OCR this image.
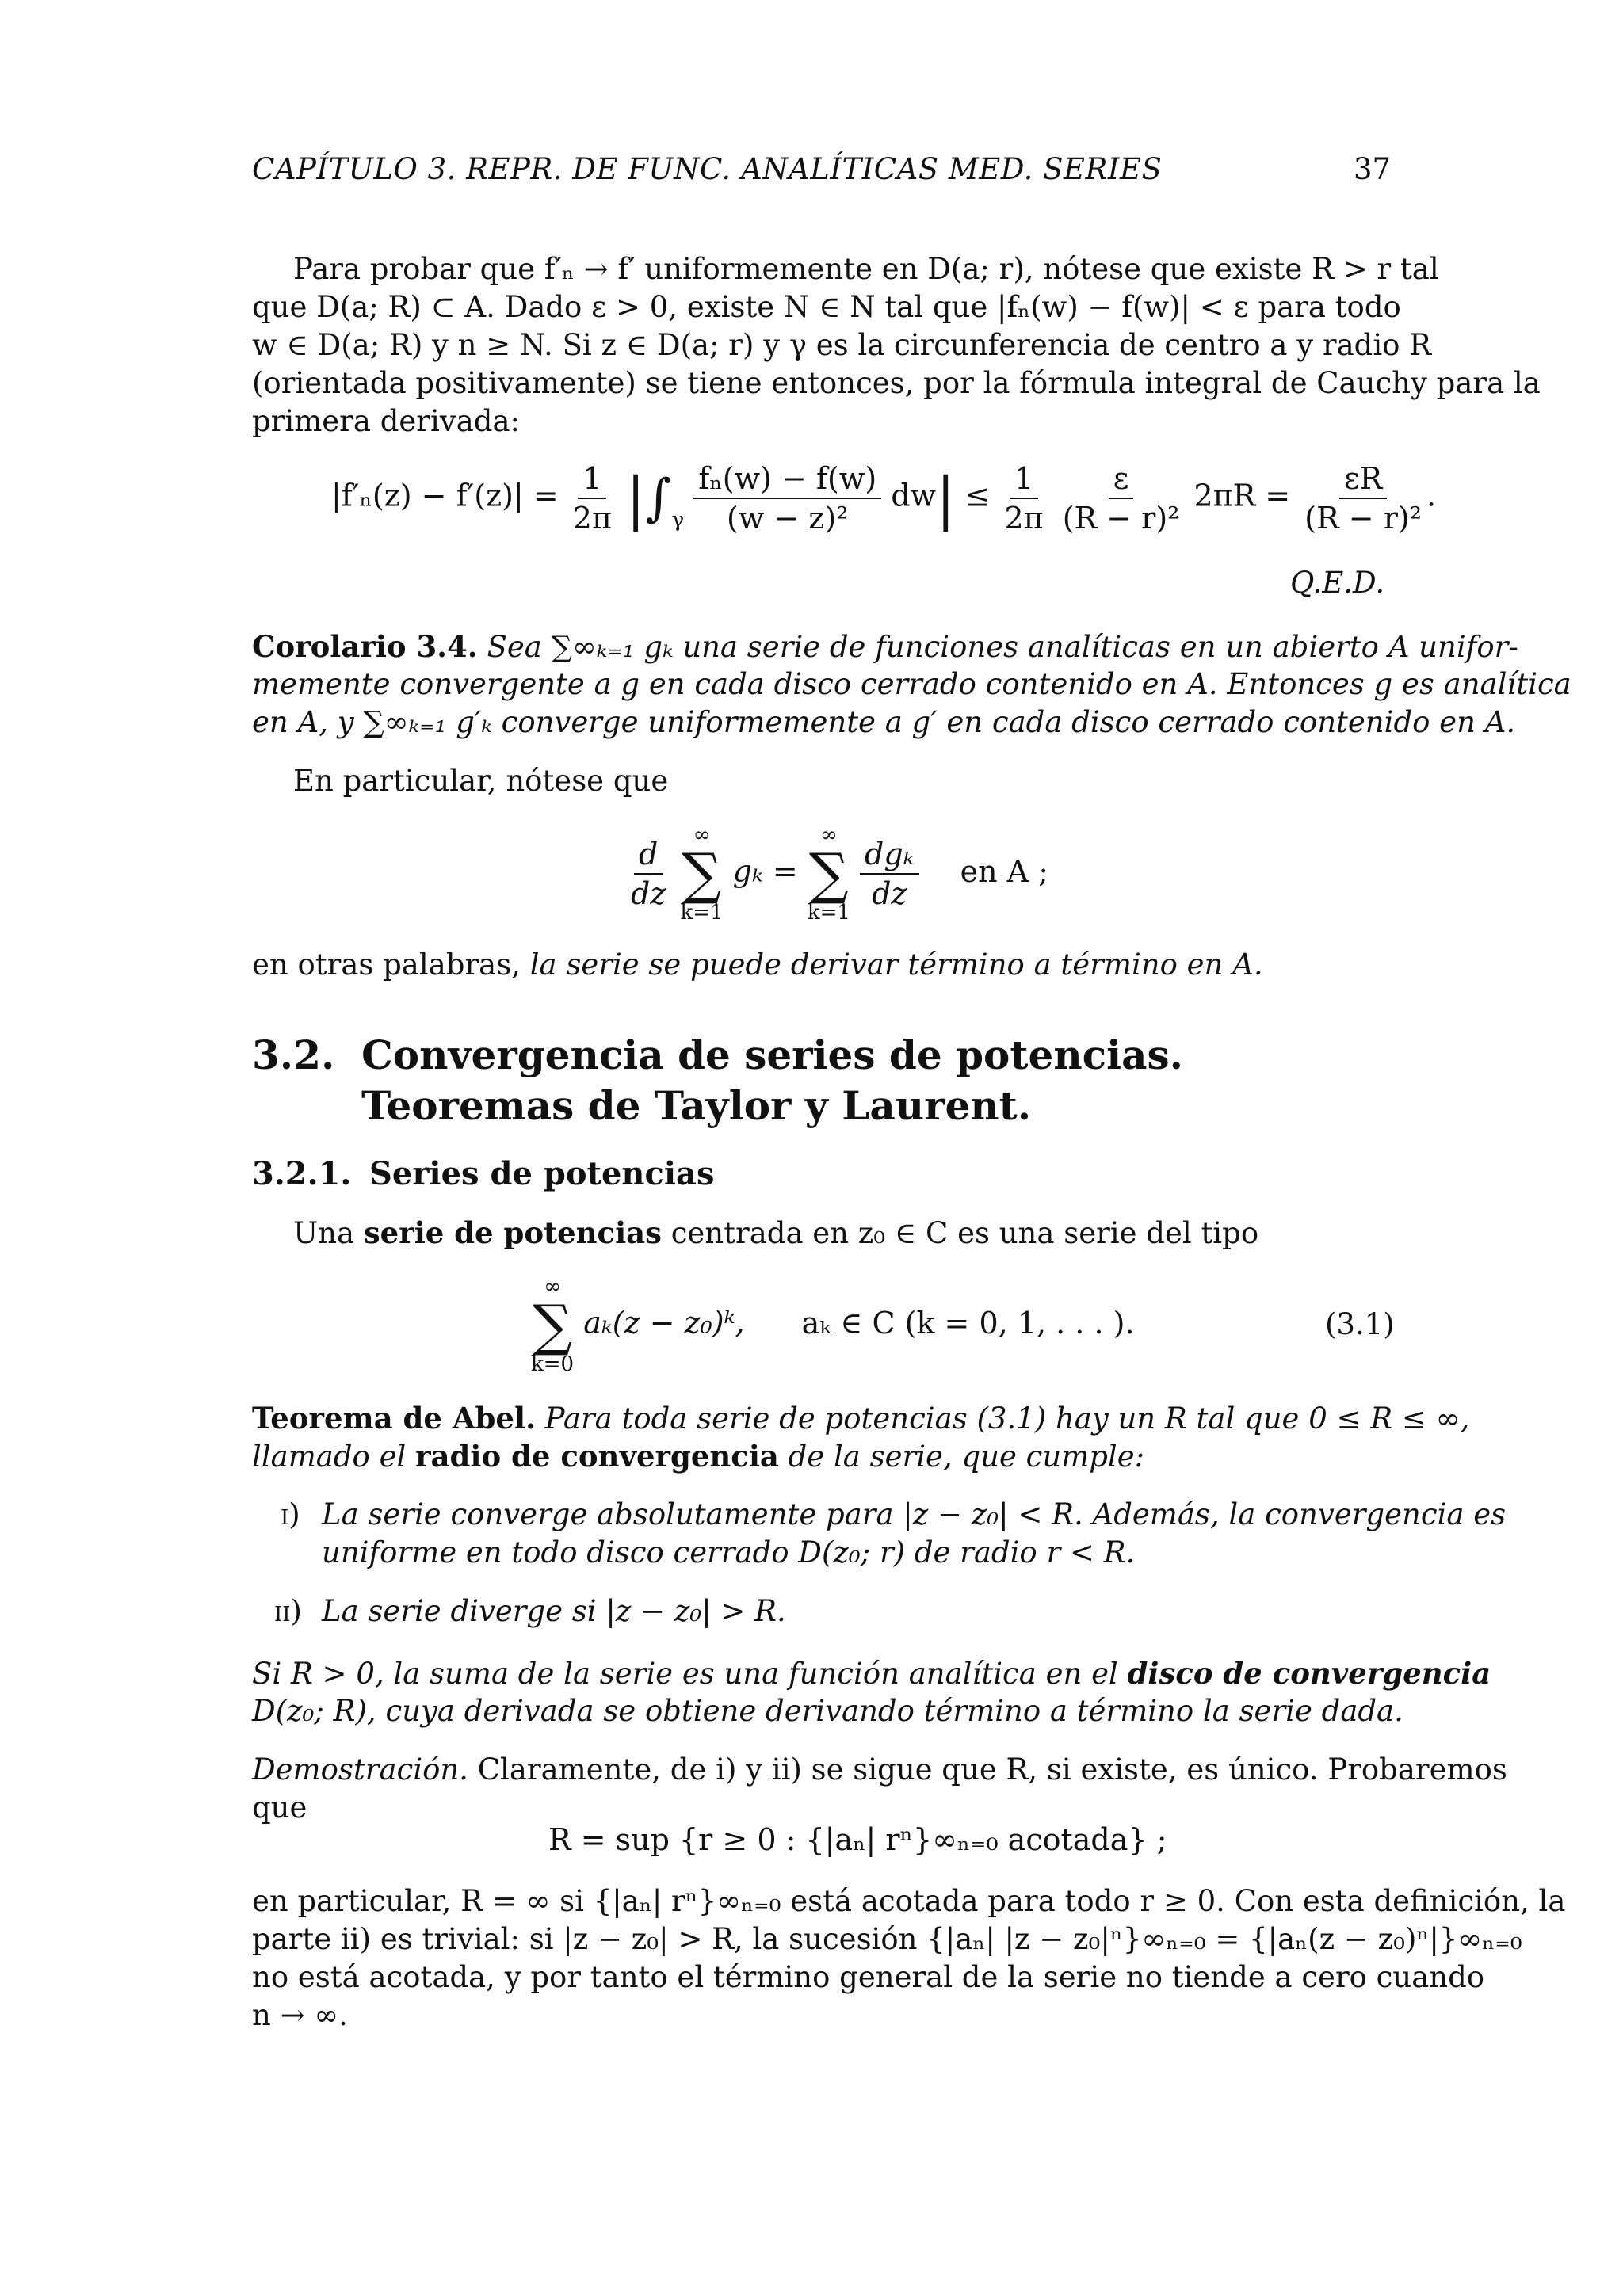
CAPÍTULO 3. REPR. DE FUNC. ANALÍTICAS MED. SERIES	37
Para probar que f′ₙ → f′ uniformemente en D(a; r), nótese que existe R > r tal
que D(a; R) ⊂ A. Dado ε > 0, existe N ∈ N tal que |fₙ(w) − f(w)| < ε para todo
w ∈ D(a; R) y n ≥ N. Si z ∈ D(a; r) y γ es la circunferencia de centro a y radio R
(orientada positivamente) se tiene entonces, por la fórmula integral de Cauchy para la
primera derivada:
$|f'_n(z) - f'(z)| = \frac{1}{2\pi} |\int_\gamma \frac{\text{fₙ(w) − f(w)}}{\text{(w − z)²}} dw| \le \frac{1}{2\pi}$
$\frac{\varepsilon}{\text{(R − r)²}} 2\pi R = \frac{\varepsilon R}{\text{(R − r)²}}$ .
Q.E.D.
Corolario 3.4. Sea ∑∞ₖ₌₁ gₖ una serie de funciones analíticas en un abierto A unifor-
memente convergente a g en cada disco cerrado contenido en A. Entonces g es analítica
en A, y ∑∞ₖ₌₁ g′ₖ converge uniformemente a g′ en cada disco cerrado contenido en A.
En particular, nótese que
$\frac{d}{dz}$

∞
∑
k=1
gₖ =
∞
∑
k=1

$\frac{\text{dgₖ}}{dz}$ en A ;
en otras palabras, la serie se puede derivar término a término en A.
3.2. Convergencia de series de potencias.
Teoremas de Taylor y Laurent.
3.2.1. Series de potencias
Una serie de potencias centrada en z₀ ∈ C es una serie del tipo
∞
∑
k=0
aₖ(z − z₀)ᵏ, aₖ ∈ C (k = 0, 1, . . . ).	(3.1)
Teorema de Abel. Para toda serie de potencias (3.1) hay un R tal que 0 ≤ R ≤ ∞,
llamado el radio de convergencia de la serie, que cumple:
i) La serie converge absolutamente para |z − z₀| < R. Además, la convergencia es
uniforme en todo disco cerrado D(z₀; r) de radio r < R.
ii) La serie diverge si |z − z₀| > R.
Si R > 0, la suma de la serie es una función analítica en el disco de convergencia
D(z₀; R), cuya derivada se obtiene derivando término a término la serie dada.
Demostración. Claramente, de i) y ii) se sigue que R, si existe, es único. Probaremos
que
R = sup {r ≥ 0 : {|aₙ| rⁿ}∞ₙ₌₀ acotada} ;
en particular, R = ∞ si {|aₙ| rⁿ}∞ₙ₌₀ está acotada para todo r ≥ 0. Con esta definición, la
parte ii) es trivial: si |z − z₀| > R, la sucesión {|aₙ| |z − z₀|ⁿ}∞ₙ₌₀ = {|aₙ(z − z₀)ⁿ|}∞ₙ₌₀
no está acotada, y por tanto el término general de la serie no tiende a cero cuando
n → ∞.
